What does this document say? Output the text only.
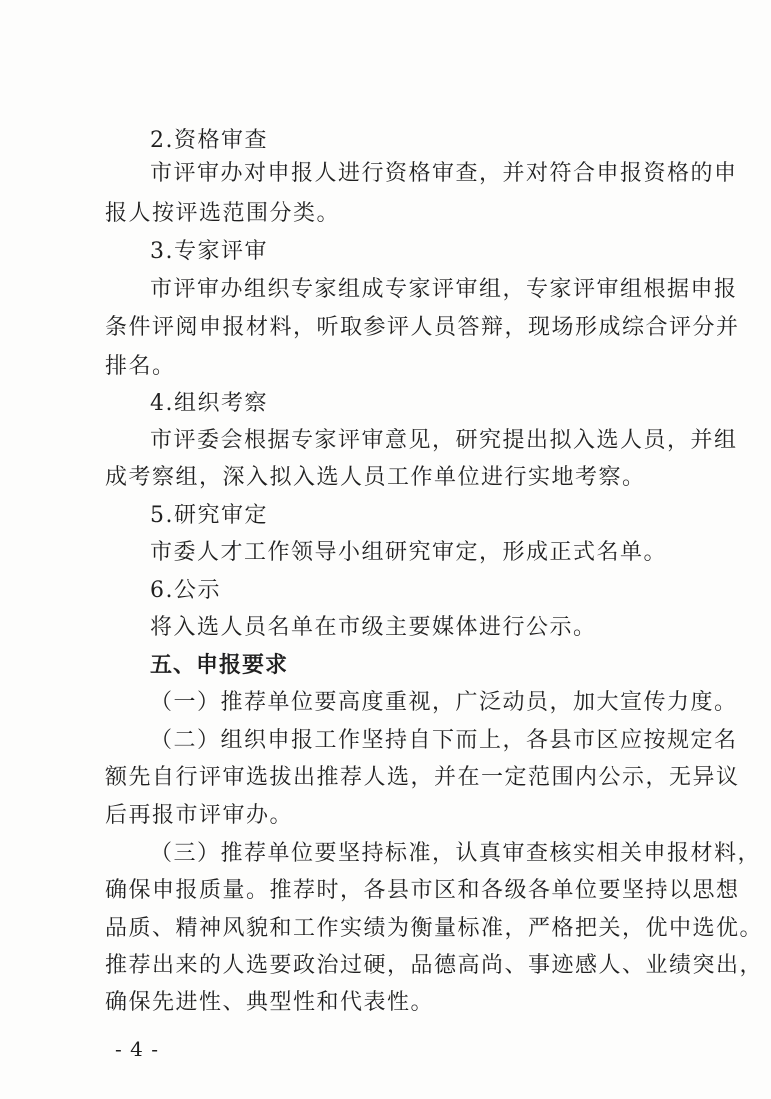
2.资格审查
市评审办对申报人进行资格审查，并对符合申报资格的申
报人按评选范围分类。
3.专家评审
市评审办组织专家组成专家评审组，专家评审组根据申报
条件评阅申报材料，听取参评人员答辩，现场形成综合评分并
排名。
4.组织考察
市评委会根据专家评审意见，研究提出拟入选人员，并组
成考察组，深入拟入选人员工作单位进行实地考察。
5.研究审定
市委人才工作领导小组研究审定，形成正式名单。
6.公示
将入选人员名单在市级主要媒体进行公示。
五、申报要求
（一）推荐单位要高度重视，广泛动员，加大宣传力度。
（二）组织申报工作坚持自下而上，各县市区应按规定名
额先自行评审选拔出推荐人选，并在一定范围内公示，无异议
后再报市评审办。
（三）推荐单位要坚持标准，认真审查核实相关申报材料，
确保申报质量。推荐时，各县市区和各级各单位要坚持以思想
品质、精神风貌和工作实绩为衡量标准，严格把关，优中选优。
推荐出来的人选要政治过硬，品德高尚、事迹感人、业绩突出，
确保先进性、典型性和代表性。
- 4 -
